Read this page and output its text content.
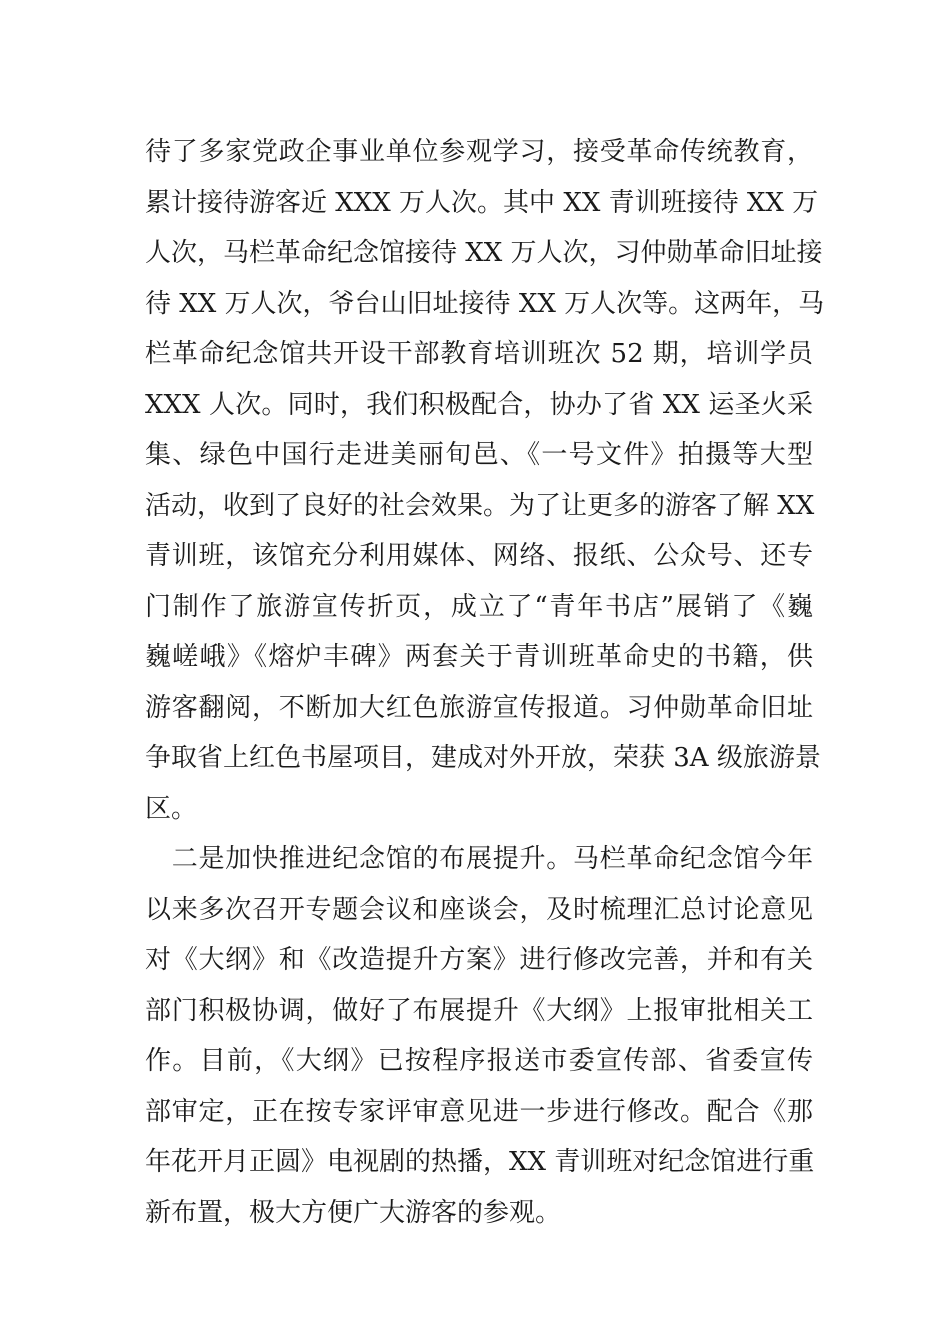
待了多家党政企事业单位参观学习，接受革命传统教育，
累计接待游客近 XXX 万人次。其中 XX 青训班接待 XX 万
人次，马栏革命纪念馆接待 XX 万人次，习仲勋革命旧址接
待 XX 万人次，爷台山旧址接待 XX 万人次等。这两年，马
栏革命纪念馆共开设干部教育培训班次 52 期，培训学员
XXX 人次。同时，我们积极配合，协办了省 XX 运圣火采
集、绿色中国行走进美丽旬邑、《一号文件》拍摄等大型
活动，收到了良好的社会效果。为了让更多的游客了解 XX
青训班，该馆充分利用媒体、网络、报纸、公众号、还专
门制作了旅游宣传折页，成立了“青年书店”展销了《巍
巍嵯峨》《熔炉丰碑》两套关于青训班革命史的书籍，供
游客翻阅，不断加大红色旅游宣传报道。习仲勋革命旧址
争取省上红色书屋项目，建成对外开放，荣获 3A 级旅游景
区。
　二是加快推进纪念馆的布展提升。马栏革命纪念馆今年
以来多次召开专题会议和座谈会，及时梳理汇总讨论意见
对《大纲》和《改造提升方案》进行修改完善，并和有关
部门积极协调，做好了布展提升《大纲》上报审批相关工
作。目前，《大纲》已按程序报送市委宣传部、省委宣传
部审定，正在按专家评审意见进一步进行修改。配合《那
年花开月正圆》电视剧的热播，XX 青训班对纪念馆进行重
新布置，极大方便广大游客的参观。
